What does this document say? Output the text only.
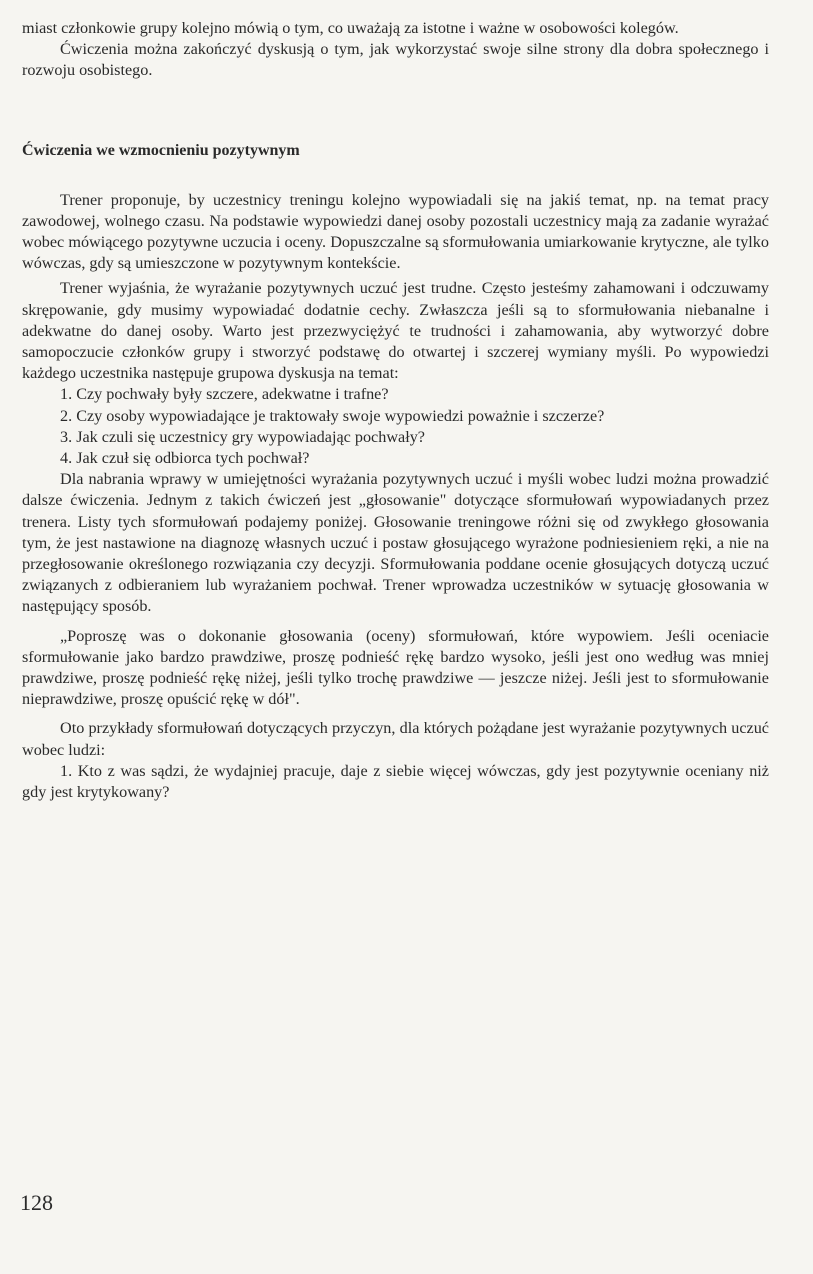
miast członkowie grupy kolejno mówią o tym, co uważają za istotne i ważne w osobowości kolegów.

Ćwiczenia można zakończyć dyskusją o tym, jak wykorzystać swoje silne strony dla dobra społecznego i rozwoju osobistego.

Ćwiczenia we wzmocnieniu pozytywnym

Trener proponuje, by uczestnicy treningu kolejno wypowiadali się na jakiś temat, np. na temat pracy zawodowej, wolnego czasu. Na podstawie wypowiedzi danej osoby pozostali uczestnicy mają za zadanie wyrażać wobec mówiącego pozytywne uczucia i oceny. Dopuszczalne są sformułowania umiarkowanie krytyczne, ale tylko wówczas, gdy są umieszczone w pozytywnym kontekście.

Trener wyjaśnia, że wyrażanie pozytywnych uczuć jest trudne. Często jesteśmy zahamowani i odczuwamy skrępowanie, gdy musimy wypowiadać dodatnie cechy. Zwłaszcza jeśli są to sformułowania niebanalne i adekwatne do danej osoby. Warto jest przezwyciężyć te trudności i zahamowania, aby wytworzyć dobre samopoczucie członków grupy i stworzyć podstawę do otwartej i szczerej wymiany myśli. Po wypowiedzi każdego uczestnika następuje grupowa dyskusja na temat:

1. Czy pochwały były szczere, adekwatne i trafne?

2. Czy osoby wypowiadające je traktowały swoje wypowiedzi poważnie i szczerze?

3. Jak czuli się uczestnicy gry wypowiadając pochwały?

4. Jak czuł się odbiorca tych pochwał?

Dla nabrania wprawy w umiejętności wyrażania pozytywnych uczuć i myśli wobec ludzi można prowadzić dalsze ćwiczenia. Jednym z takich ćwiczeń jest „głosowanie" dotyczące sformułowań wypowiadanych przez trenera. Listy tych sformułowań podajemy poniżej. Głosowanie treningowe różni się od zwykłego głosowania tym, że jest nastawione na diagnozę własnych uczuć i postaw głosującego wyrażone podniesieniem ręki, a nie na przegłosowanie określonego rozwiązania czy decyzji. Sformułowania poddane ocenie głosujących dotyczą uczuć związanych z odbieraniem lub wyrażaniem pochwał. Trener wprowadza uczestników w sytuację głosowania w następujący sposób.

„Poproszę was o dokonanie głosowania (oceny) sformułowań, które wypowiem. Jeśli oceniacie sformułowanie jako bardzo prawdziwe, proszę podnieść rękę bardzo wysoko, jeśli jest ono według was mniej prawdziwe, proszę podnieść rękę niżej, jeśli tylko trochę prawdziwe — jeszcze niżej. Jeśli jest to sformułowanie nieprawdziwe, proszę opuścić rękę w dół".

Oto przykłady sformułowań dotyczących przyczyn, dla których pożądane jest wyrażanie pozytywnych uczuć wobec ludzi:

1. Kto z was sądzi, że wydajniej pracuje, daje z siebie więcej wówczas, gdy jest pozytywnie oceniany niż gdy jest krytykowany?

128
